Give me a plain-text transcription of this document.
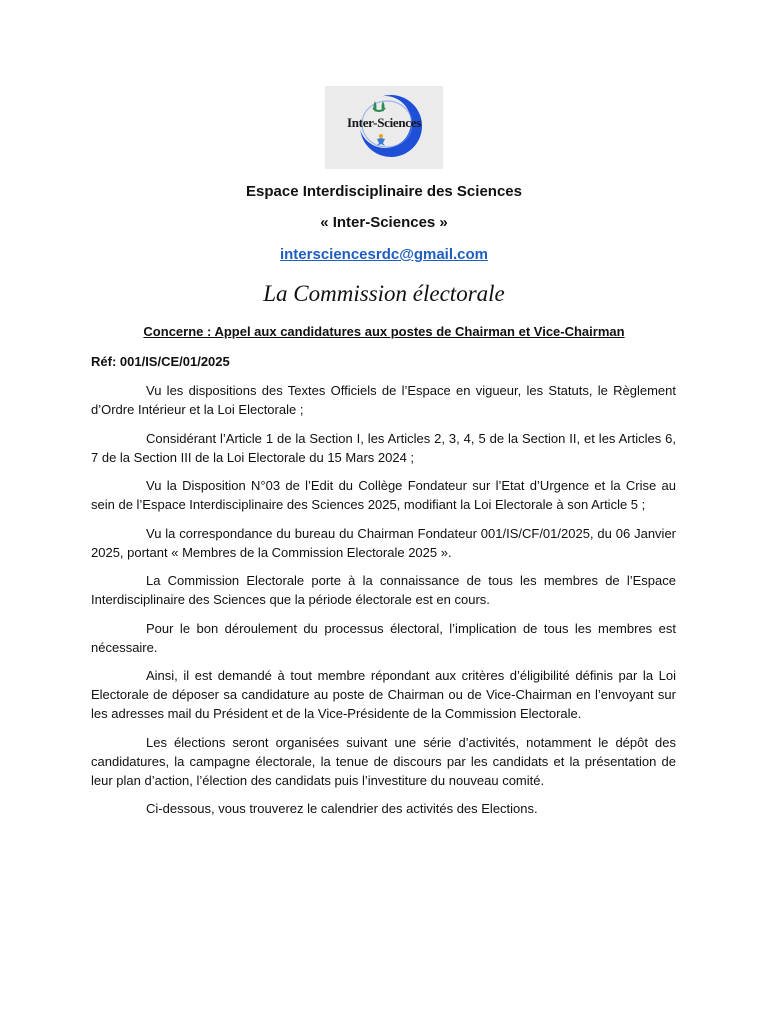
Inter-Sciences
Espace Interdisciplinaire des Sciences
« Inter-Sciences »
intersciencesrdc@gmail.com
La Commission électorale
Concerne : Appel aux candidatures aux postes de Chairman et Vice-Chairman
Réf: 001/IS/CE/01/2025

Vu les dispositions des Textes Officiels de l’Espace en vigueur, les Statuts, le Règlement d’Ordre Intérieur et la Loi Electorale ;

Considérant l’Article 1 de la Section I, les Articles 2, 3, 4, 5 de la Section II, et les Articles 6, 7 de la Section III de la Loi Electorale du 15 Mars 2024 ;

Vu la Disposition N°03 de l’Edit du Collège Fondateur sur l’Etat d’Urgence et la Crise au sein de l’Espace Interdisciplinaire des Sciences 2025, modifiant la Loi Electorale à son Article 5 ;

Vu la correspondance du bureau du Chairman Fondateur 001/IS/CF/01/2025, du 06 Janvier 2025, portant « Membres de la Commission Electorale 2025 ».

La Commission Electorale porte à la connaissance de tous les membres de l’Espace Interdisciplinaire des Sciences que la période électorale est en cours.

Pour le bon déroulement du processus électoral, l’implication de tous les membres est nécessaire.

Ainsi, il est demandé à tout membre répondant aux critères d’éligibilité définis par la Loi Electorale de déposer sa candidature au poste de Chairman ou de Vice-Chairman en l’envoyant sur les adresses mail du Président et de la Vice-Présidente de la Commission Electorale.

Les élections seront organisées suivant une série d’activités, notamment le dépôt des candidatures, la campagne électorale, la tenue de discours par les candidats et la présentation de leur plan d’action, l’élection des candidats puis l’investiture du nouveau comité.

Ci-dessous, vous trouverez le calendrier des activités des Elections.
